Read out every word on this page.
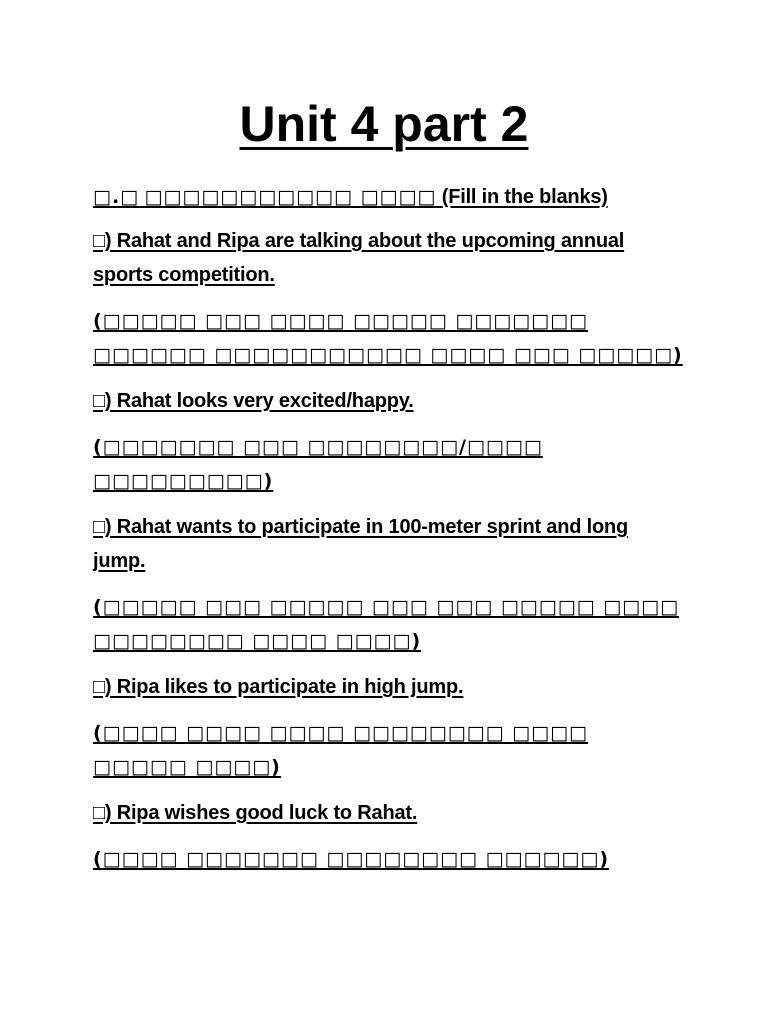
Unit 4 part 2

□.□ □□□□□□□□□□□ □□□□ (Fill in the blanks)

□) Rahat and Ripa are talking about the upcoming annual sports competition.

(□□□□□ □□□ □□□□ □□□□□ □□□□□□□ □□□□□□ □□□□□□□□□□□ □□□□ □□□ □□□□□)

□) Rahat looks very excited/happy.

(□□□□□□□ □□□ □□□□□□□□/□□□□ □□□□□□□□□)

□) Rahat wants to participate in 100-meter sprint and long jump.

(□□□□□ □□□ □□□□□ □□□ □□□ □□□□□ □□□□ □□□□□□□□ □□□□ □□□□)

□) Ripa likes to participate in high jump.

(□□□□ □□□□ □□□□ □□□□□□□□ □□□□ □□□□□ □□□□)

□) Ripa wishes good luck to Rahat.

(□□□□ □□□□□□□ □□□□□□□□ □□□□□□)
